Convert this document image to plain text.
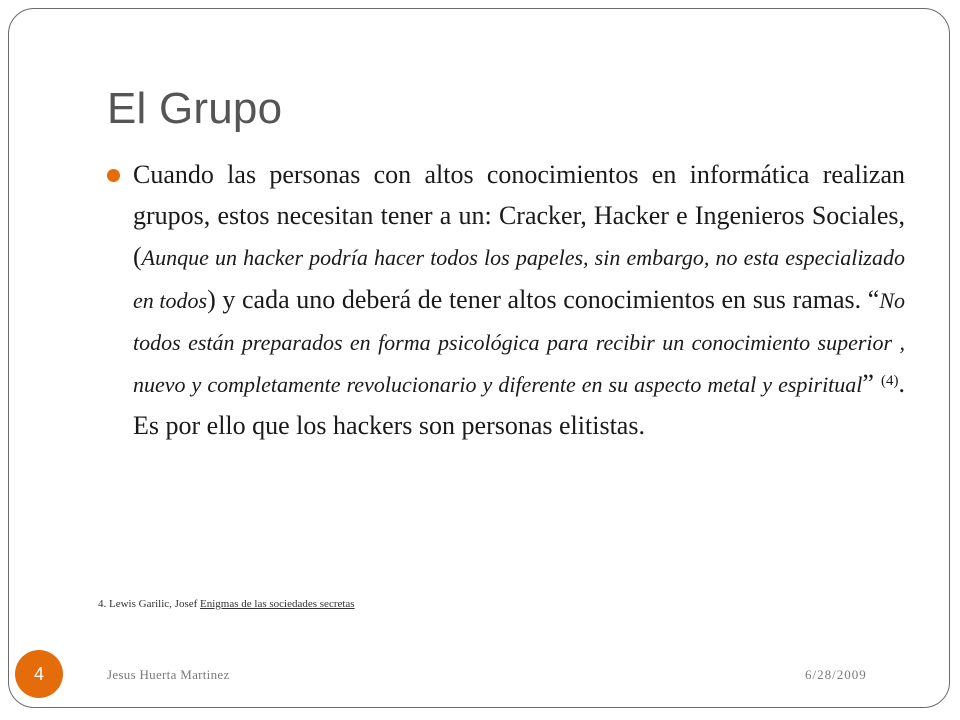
El Grupo

Cuando las personas con altos conocimientos en informática realizan grupos, estos necesitan tener a un: Cracker, Hacker e Ingenieros Sociales, (Aunque un hacker podría hacer todos los papeles, sin embargo, no esta especializado en todos) y cada uno deberá de tener altos conocimientos en sus ramas. “No todos están preparados en forma psicológica para recibir un conocimiento superior , nuevo y completamente revolucionario y diferente en su aspecto metal y espiritual” $^{(4)}$. Es por ello que los hackers son personas elitistas.

4. Lewis Garilic, Josef Enigmas de las sociedades secretas
Jesus Huerta Martinez	6/28/2009
4
